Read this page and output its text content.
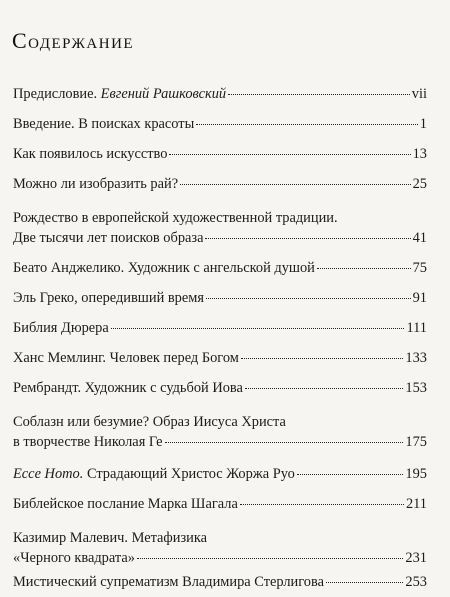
Содержание
Предисловие. Евгений Рашковский	vii
Введение. В поисках красоты	1
Как появилось искусство	13
Можно ли изобразить рай?	25
Рождество в европейской художественной традиции.
Две тысячи лет поисков образа	41
Беато Анджелико. Художник с ангельской душой	75
Эль Греко, опередивший время	91
Библия Дюрера	111
Ханс Мемлинг. Человек перед Богом	133
Рембрандт. Художник с судьбой Иова	153
Соблазн или безумие? Образ Иисуса Христа
в творчестве Николая Ге	175
Ecce Homo. Страдающий Христос Жоржа Руо	195
Библейское послание Марка Шагала	211
Казимир Малевич. Метафизика
«Черного квадрата»	231
Мистический супрематизм Владимира Стерлигова	253
